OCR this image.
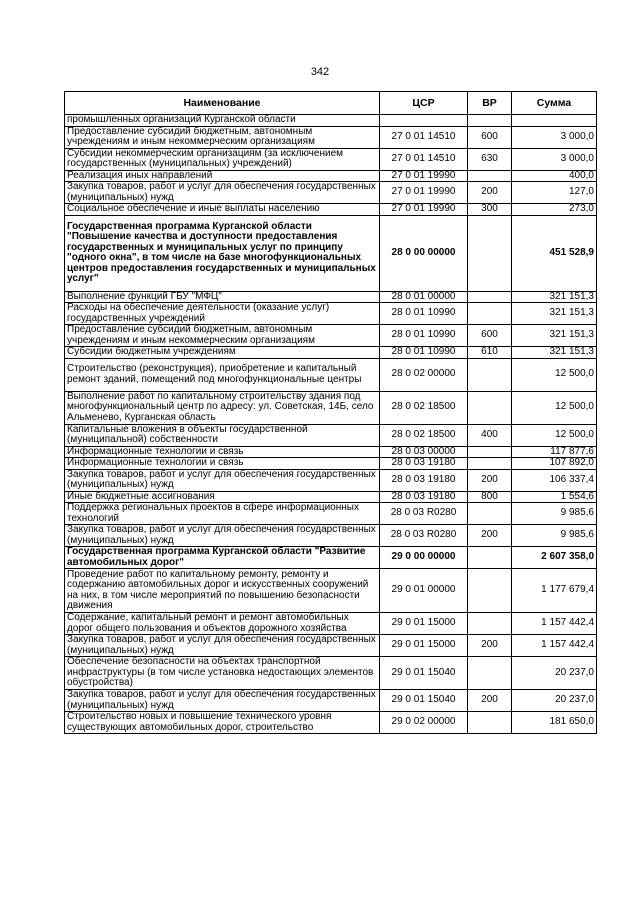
342
Наименование	ЦСР	ВР	Сумма
промышленных организаций Курганской области			
Предоставление субсидий бюджетным, автономным учреждениям и иным некоммерческим организациям	27 0 01 14510	600	3 000,0
Субсидии некоммерческим организациям (за исключением государственных (муниципальных) учреждений)	27 0 01 14510	630	3 000,0
Реализация иных направлений	27 0 01 19990		400,0
Закупка товаров, работ и услуг для обеспечения государственных (муниципальных) нужд	27 0 01 19990	200	127,0
Социальное обеспечение и иные выплаты населению	27 0 01 19990	300	273,0
Государственная программа Курганской области "Повышение качества и доступности предоставления государственных и муниципальных услуг по принципу "одного окна", в том числе на базе многофункциональных центров предоставления государственных и муниципальных услуг"	28 0 00 00000		451 528,9
Выполнение функций ГБУ "МФЦ"	28 0 01 00000		321 151,3
Расходы на обеспечение деятельности (оказание услуг) государственных учреждений	28 0 01 10990		321 151,3
Предоставление субсидий бюджетным, автономным учреждениям и иным некоммерческим организациям	28 0 01 10990	600	321 151,3
Субсидии бюджетным учреждениям	28 0 01 10990	610	321 151,3
Строительство (реконструкция), приобретение и капитальный ремонт зданий, помещений под многофункциональные центры	28 0 02 00000		12 500,0
Выполнение работ по капитальному строительству здания под многофункциональный центр по адресу: ул. Советская, 14Б, село Альменево, Курганская область	28 0 02 18500		12 500,0
Капитальные вложения в объекты государственной (муниципальной) собственности	28 0 02 18500	400	12 500,0
Информационные технологии и связь	28 0 03 00000		117 877,6
Информационные технологии и связь	28 0 03 19180		107 892,0
Закупка товаров, работ и услуг для обеспечения государственных (муниципальных) нужд	28 0 03 19180	200	106 337,4
Иные бюджетные ассигнования	28 0 03 19180	800	1 554,6
Поддержка региональных проектов в сфере информационных технологий	28 0 03 R0280		9 985,6
Закупка товаров, работ и услуг для обеспечения государственных (муниципальных) нужд	28 0 03 R0280	200	9 985,6
Государственная программа Курганской области "Развитие автомобильных дорог"	29 0 00 00000		2 607 358,0
Проведение работ по капитальному ремонту, ремонту и содержанию автомобильных дорог и искусственных сооружений на них, в том числе мероприятий по повышению безопасности движения	29 0 01 00000		1 177 679,4
Содержание, капитальный ремонт и ремонт автомобильных дорог общего пользования и объектов дорожного хозяйства	29 0 01 15000		1 157 442,4
Закупка товаров, работ и услуг для обеспечения государственных (муниципальных) нужд	29 0 01 15000	200	1 157 442,4
Обеспечение безопасности на объектах транспортной инфраструктуры (в том числе установка недостающих элементов обустройства)	29 0 01 15040		20 237,0
Закупка товаров, работ и услуг для обеспечения государственных (муниципальных) нужд	29 0 01 15040	200	20 237,0
Строительство новых и повышение технического уровня существующих автомобильных дорог, строительство	29 0 02 00000		181 650,0
